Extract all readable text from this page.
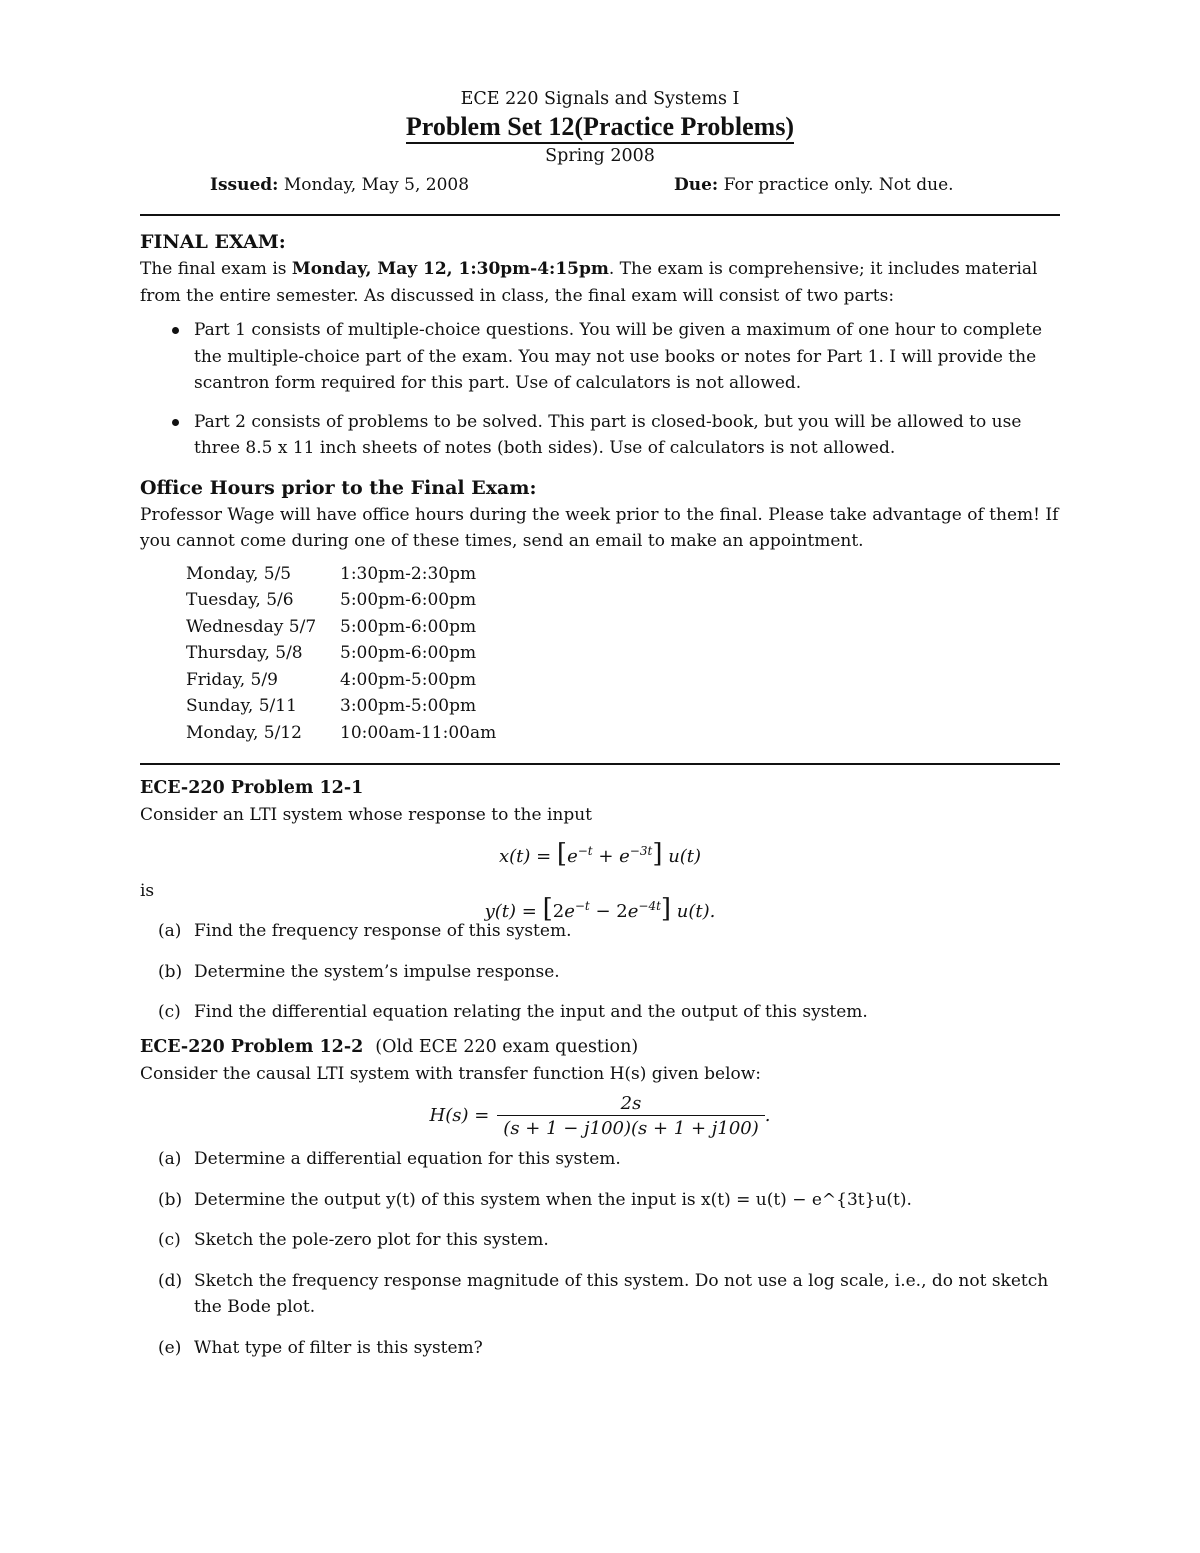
ECE 220 Signals and Systems I
Problem Set 12(Practice Problems)
Spring 2008
Issued: Monday, May 5, 2008	Due: For practice only. Not due.
FINAL EXAM:

The final exam is Monday, May 12, 1:30pm-4:15pm. The exam is comprehensive; it includes material from the entire semester. As discussed in class, the final exam will consist of two parts:

Part 1 consists of multiple-choice questions. You will be given a maximum of one hour to complete the multiple-choice part of the exam. You may not use books or notes for Part 1. I will provide the scantron form required for this part. Use of calculators is not allowed.
Part 2 consists of problems to be solved. This part is closed-book, but you will be allowed to use three 8.5 x 11 inch sheets of notes (both sides). Use of calculators is not allowed.
Office Hours prior to the Final Exam:

Professor Wage will have office hours during the week prior to the final. Please take advantage of them! If you cannot come during one of these times, send an email to make an appointment.

Monday, 5/5	1:30pm-2:30pm
Tuesday, 5/6	5:00pm-6:00pm
Wednesday 5/7	5:00pm-6:00pm
Thursday, 5/8	5:00pm-6:00pm
Friday, 5/9	4:00pm-5:00pm
Sunday, 5/11	3:00pm-5:00pm
Monday, 5/12	10:00am-11:00am
ECE-220 Problem 12-1

Consider an LTI system whose response to the input

$x(t) = [e^{-t} + e^{-3t}]$ u(t)
is
$y(t) = [2e^{-t} - 2e^{-4t}]$ u(t).
(a) Find the frequency response of this system.
(b) Determine the system’s impulse response.
(c) Find the differential equation relating the input and the output of this system.
ECE-220 Problem 12-2 (Old ECE 220 exam question)

Consider the causal LTI system with transfer function H(s) given below:

$H(s) = \frac{2s}{(s + 1 - j100)(s + 1 + j100)}$ .
(a) Determine a differential equation for this system.
(b) Determine the output y(t) of this system when the input is x(t) = u(t) − e^{3t}u(t).
(c) Sketch the pole-zero plot for this system.
(d) Sketch the frequency response magnitude of this system. Do not use a log scale, i.e., do not sketch the Bode plot.
(e) What type of filter is this system?
